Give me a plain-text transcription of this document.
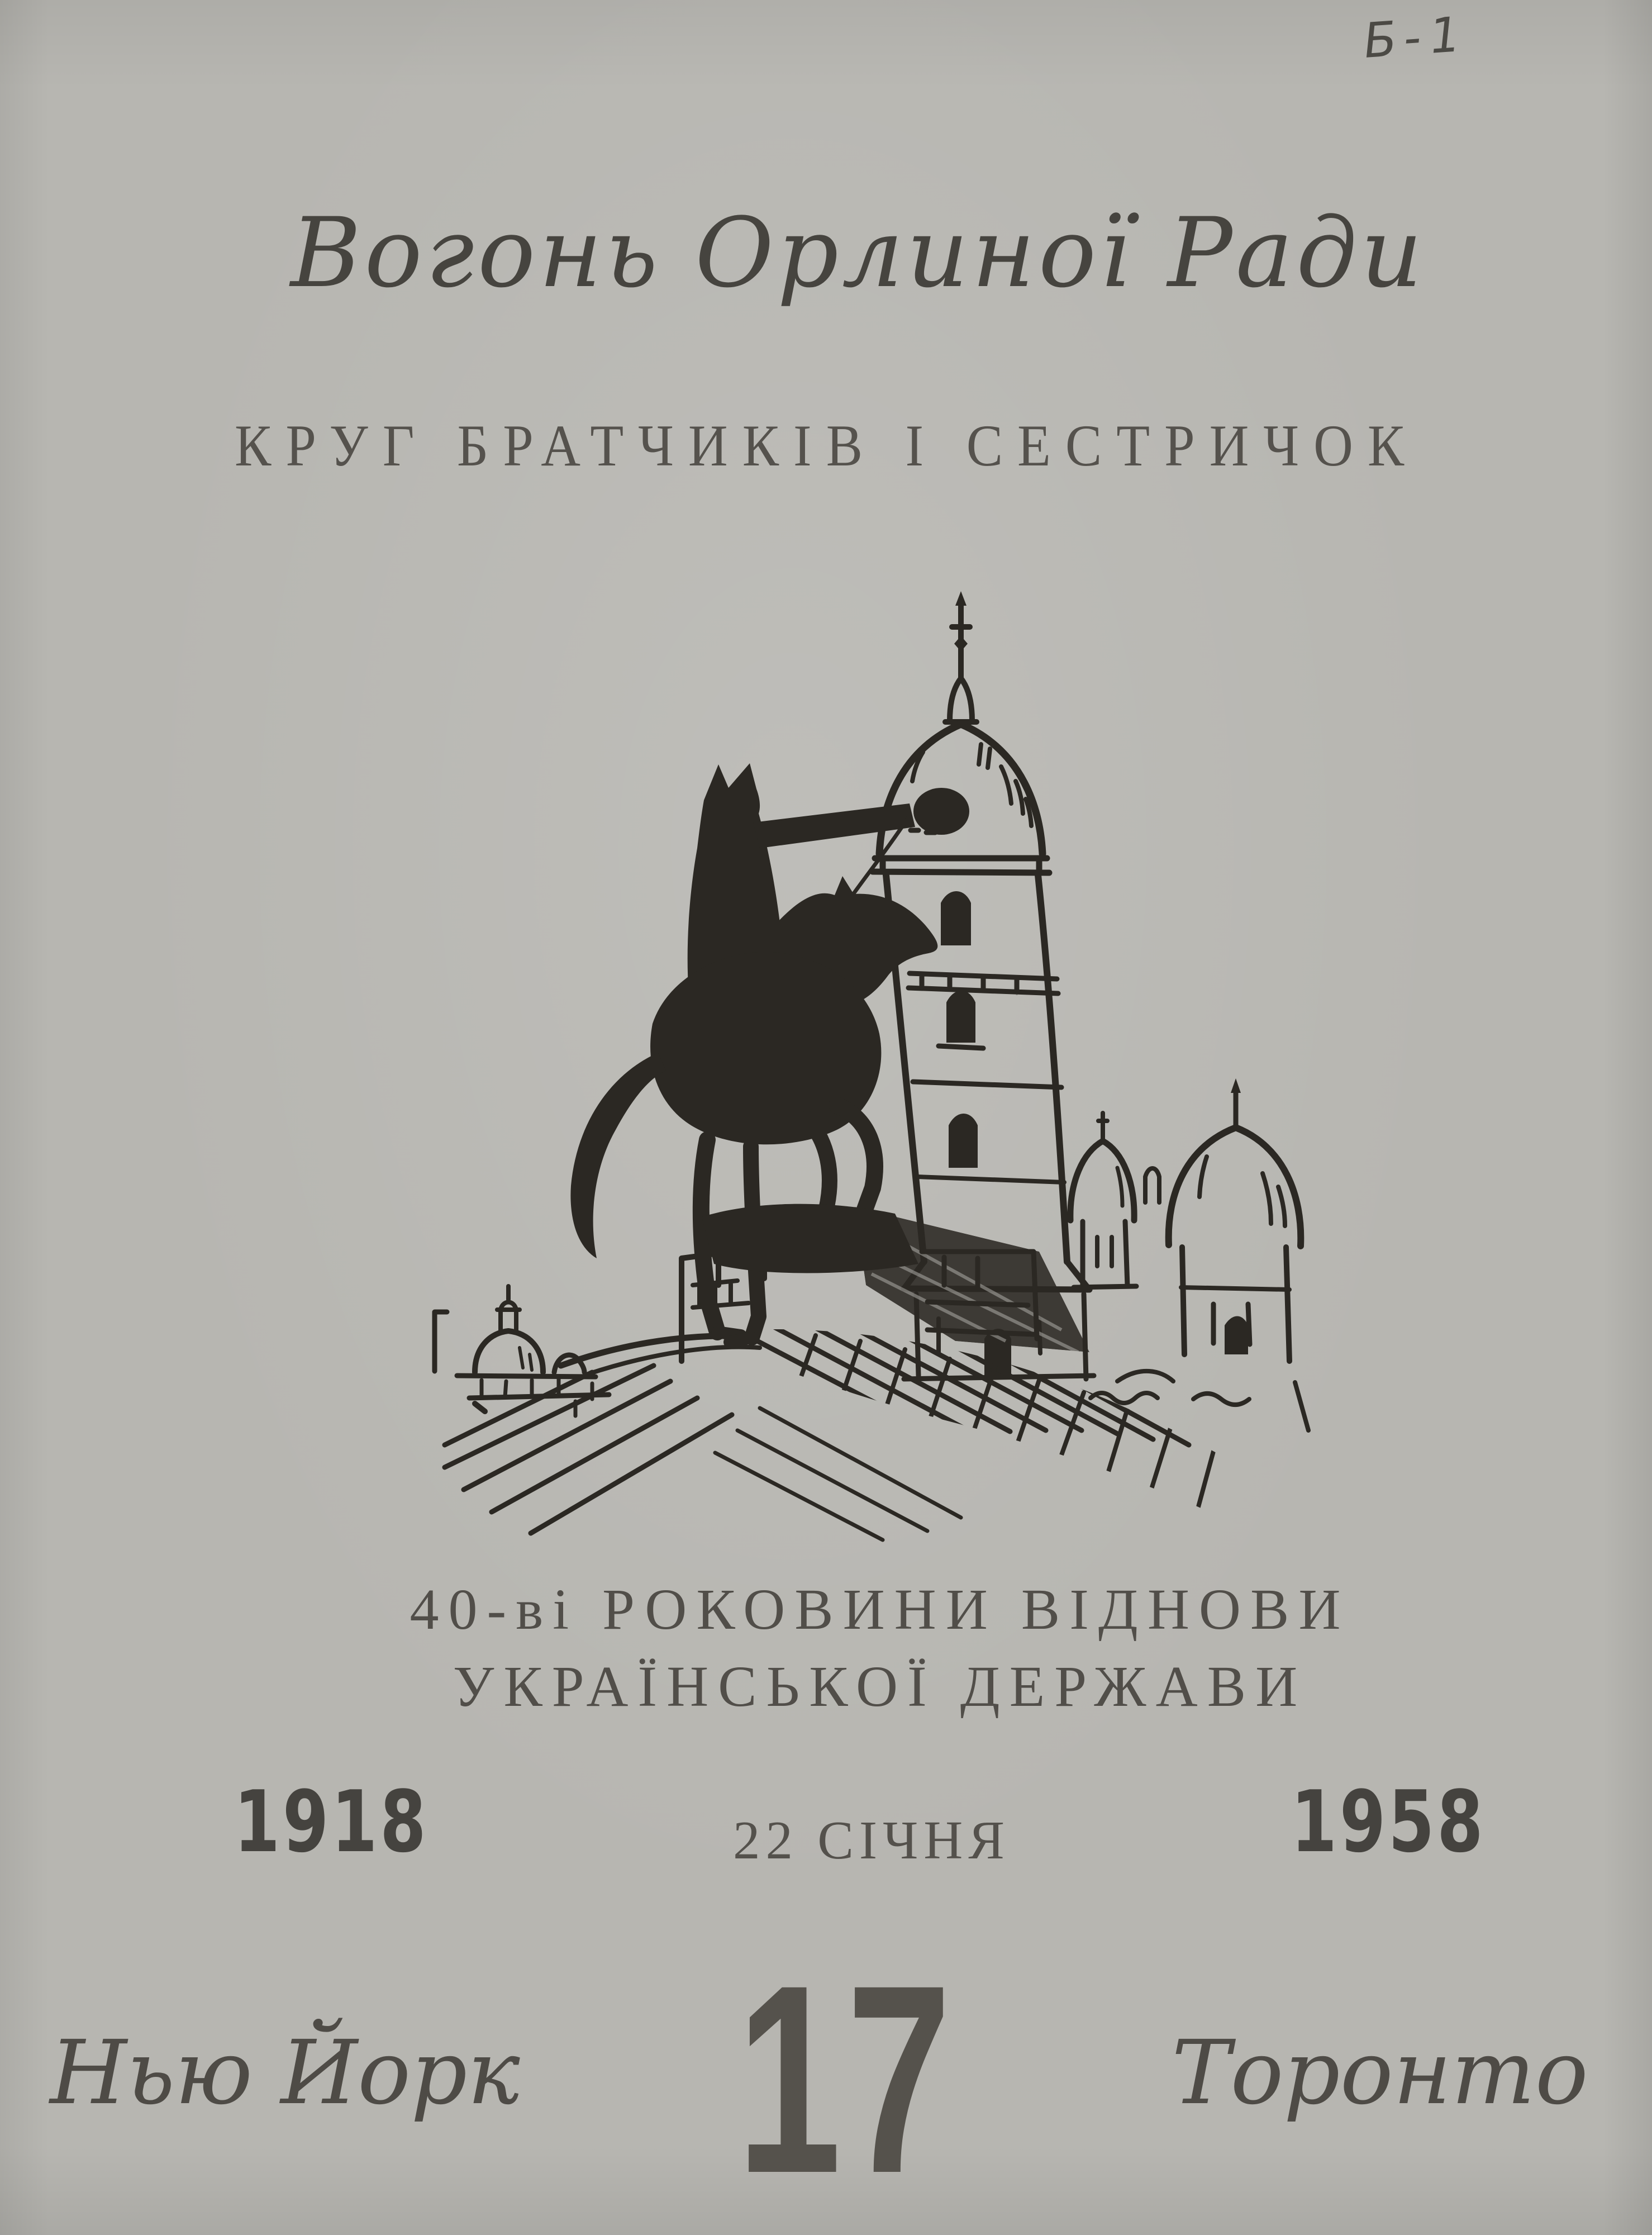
Б-1
Вогонь Орлиної Ради
КРУГ БРАТЧИКІВ І СЕСТРИЧОК
40-ві РОКОВИНИ ВІДНОВИ
УКРАЇНСЬКОЇ ДЕРЖАВИ
1918	22 СІЧНЯ	1958
Нью Йорк 17 Торонто
